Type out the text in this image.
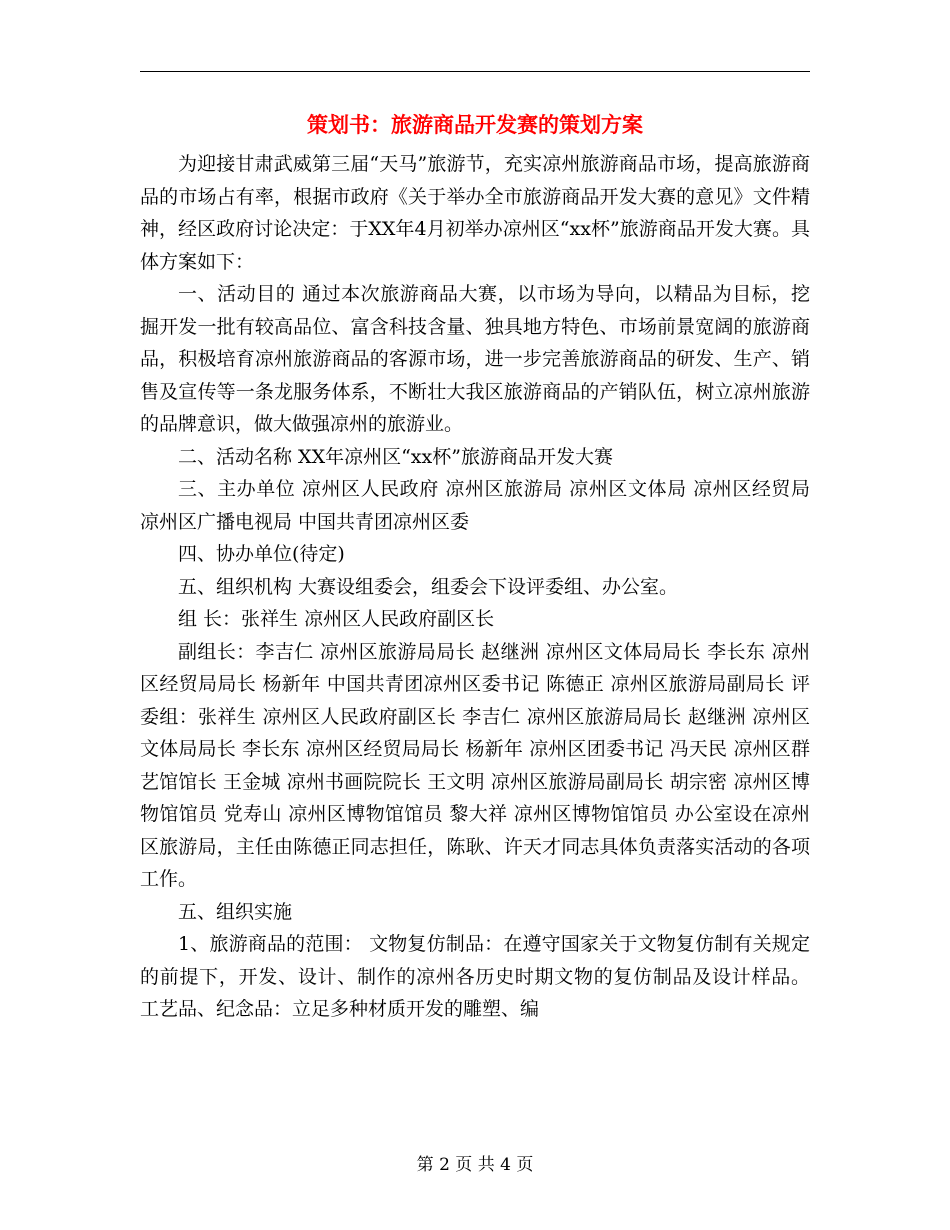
策划书：旅游商品开发赛的策划方案

为迎接甘肃武威第三届“天马”旅游节，充实凉州旅游商品市场，提高旅游商品的市场占有率，根据市政府《关于举办全市旅游商品开发大赛的意见》文件精神，经区政府讨论决定：于XX年4月初举办凉州区“xx杯”旅游商品开发大赛。具体方案如下：

一、活动目的 通过本次旅游商品大赛，以市场为导向，以精品为目标，挖掘开发一批有较高品位、富含科技含量、独具地方特色、市场前景宽阔的旅游商品，积极培育凉州旅游商品的客源市场，进一步完善旅游商品的研发、生产、销售及宣传等一条龙服务体系，不断壮大我区旅游商品的产销队伍，树立凉州旅游的品牌意识，做大做强凉州的旅游业。

二、活动名称 XX年凉州区“xx杯”旅游商品开发大赛

三、主办单位 凉州区人民政府 凉州区旅游局 凉州区文体局 凉州区经贸局 凉州区广播电视局 中国共青团凉州区委

四、协办单位(待定)

五、组织机构 大赛设组委会，组委会下设评委组、办公室。

组 长：张祥生 凉州区人民政府副区长

副组长：李吉仁 凉州区旅游局局长 赵继洲 凉州区文体局局长 李长东 凉州区经贸局局长 杨新年 中国共青团凉州区委书记 陈德正 凉州区旅游局副局长 评委组：张祥生 凉州区人民政府副区长 李吉仁 凉州区旅游局局长 赵继洲 凉州区文体局局长 李长东 凉州区经贸局局长 杨新年 凉州区团委书记 冯天民 凉州区群艺馆馆长 王金城 凉州书画院院长 王文明 凉州区旅游局副局长 胡宗密 凉州区博物馆馆员 党寿山 凉州区博物馆馆员 黎大祥 凉州区博物馆馆员 办公室设在凉州区旅游局，主任由陈德正同志担任，陈耿、许天才同志具体负责落实活动的各项工作。

五、组织实施

1、旅游商品的范围： 文物复仿制品：在遵守国家关于文物复仿制有关规定的前提下，开发、设计、制作的凉州各历史时期文物的复仿制品及设计样品。 工艺品、纪念品：立足多种材质开发的雕塑、编

第 2 页 共 4 页
